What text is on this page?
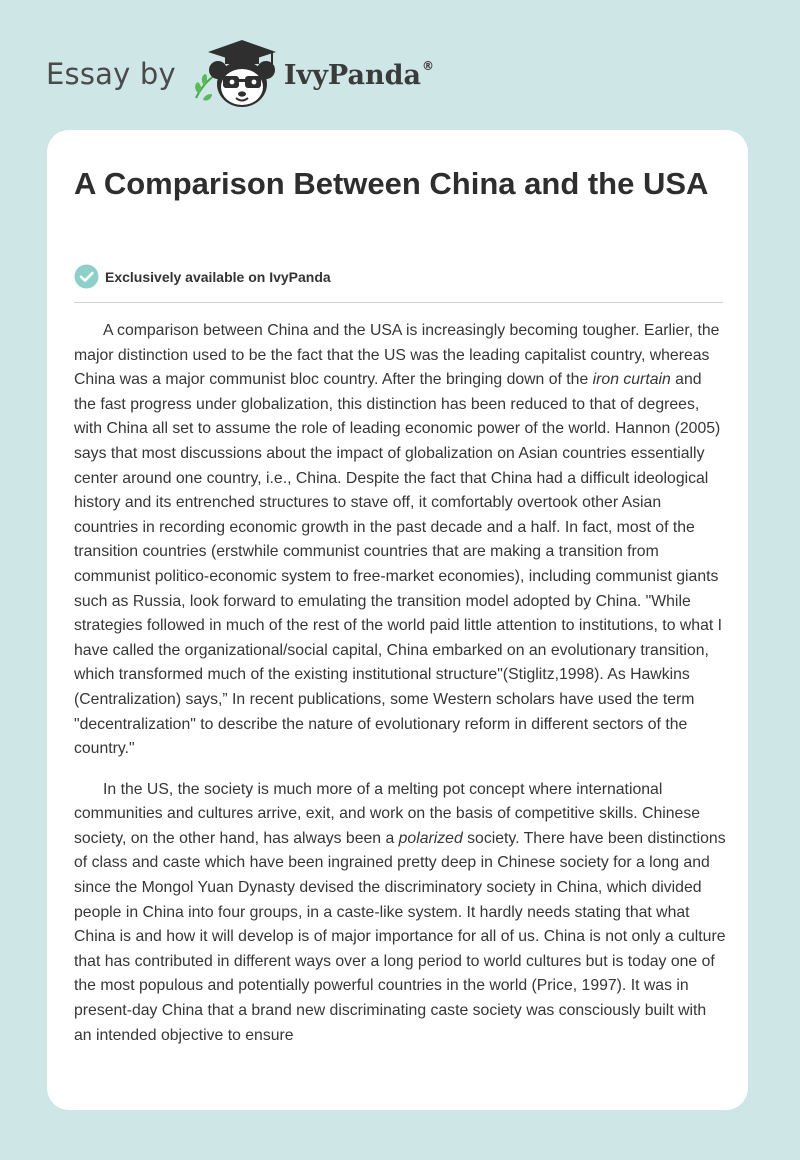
Essay by	IvyPanda®
A Comparison Between China and the USA
Exclusively available on IvyPanda

A comparison between China and the USA is increasingly becoming tougher. Earlier, the major distinction used to be the fact that the US was the leading capitalist country, whereas China was a major communist bloc country. After the bringing down of the iron curtain and the fast progress under globalization, this distinction has been reduced to that of degrees, with China all set to assume the role of leading economic power of the world. Hannon (2005) says that most discussions about the impact of globalization on Asian countries essentially center around one country, i.e., China. Despite the fact that China had a difficult ideological history and its entrenched structures to stave off, it comfortably overtook other Asian countries in recording economic growth in the past decade and a half. In fact, most of the transition countries (erstwhile communist countries that are making a transition from communist politico-economic system to free-market economies), including communist giants such as Russia, look forward to emulating the transition model adopted by China. "While strategies followed in much of the rest of the world paid little attention to institutions, to what I have called the organizational/social capital, China embarked on an evolutionary transition, which transformed much of the existing institutional structure"(Stiglitz,1998). As Hawkins (Centralization) says,” In recent publications, some Western scholars have used the term "decentralization" to describe the nature of evolutionary reform in different sectors of the country."

In the US, the society is much more of a melting pot concept where international communities and cultures arrive, exit, and work on the basis of competitive skills. Chinese society, on the other hand, has always been a polarized society. There have been distinctions of class and caste which have been ingrained pretty deep in Chinese society for a long and since the Mongol Yuan Dynasty devised the discriminatory society in China, which divided people in China into four groups, in a caste-like system. It hardly needs stating that what China is and how it will develop is of major importance for all of us. China is not only a culture that has contributed in different ways over a long period to world cultures but is today one of the most populous and potentially powerful countries in the world (Price, 1997). It was in present-day China that a brand new discriminating caste society was consciously built with an intended objective to ensure
